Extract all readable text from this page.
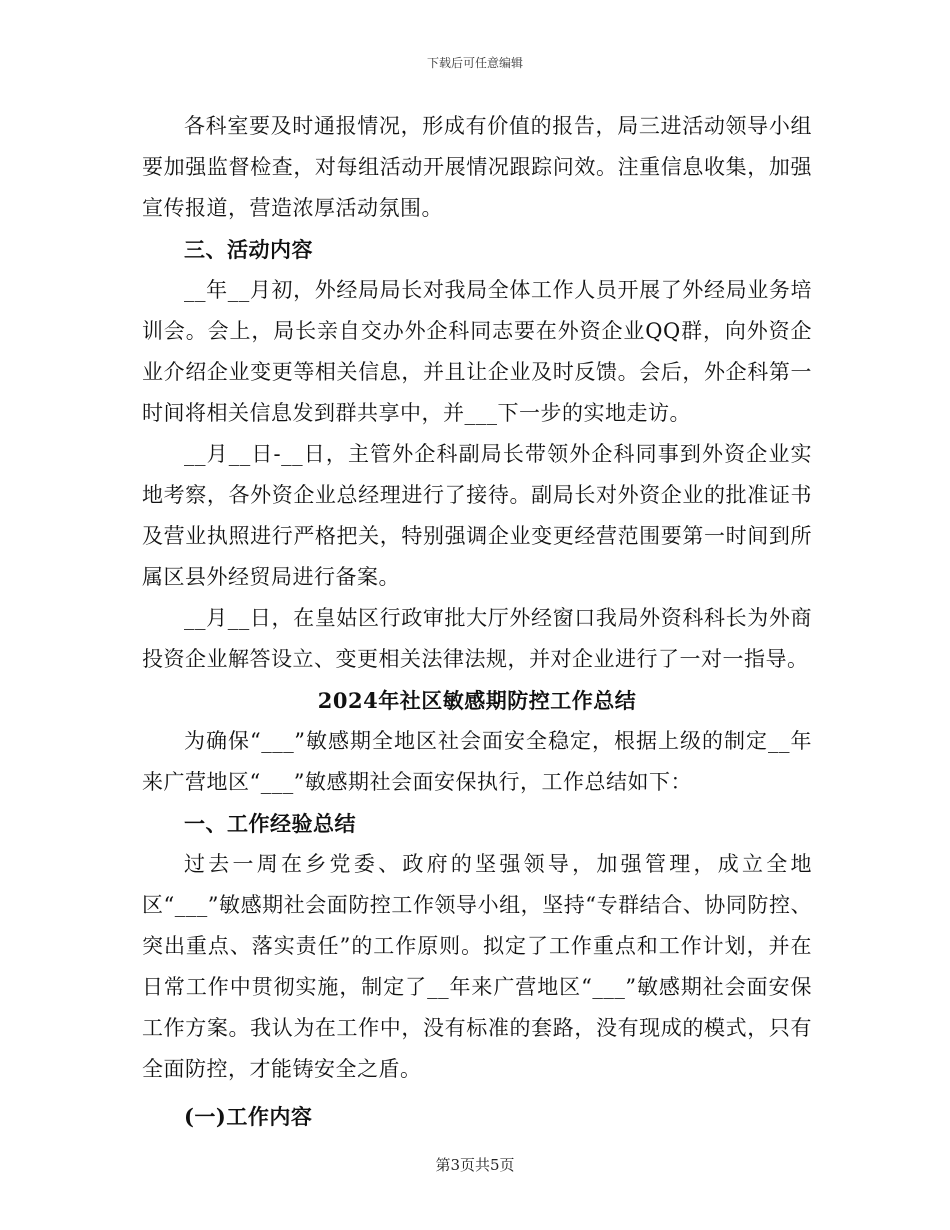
下载后可任意编辑

各科室要及时通报情况，形成有价值的报告，局三进活动领导小组要加强监督检查，对每组活动开展情况跟踪问效。注重信息收集，加强宣传报道，营造浓厚活动氛围。

三、活动内容

__年__月初，外经局局长对我局全体工作人员开展了外经局业务培训会。会上，局长亲自交办外企科同志要在外资企业QQ群，向外资企业介绍企业变更等相关信息，并且让企业及时反馈。会后，外企科第一时间将相关信息发到群共享中，并___下一步的实地走访。

__月__日-__日，主管外企科副局长带领外企科同事到外资企业实地考察，各外资企业总经理进行了接待。副局长对外资企业的批准证书及营业执照进行严格把关，特别强调企业变更经营范围要第一时间到所属区县外经贸局进行备案。

__月__日，在皇姑区行政审批大厅外经窗口我局外资科科长为外商投资企业解答设立、变更相关法律法规，并对企业进行了一对一指导。

2024年社区敏感期防控工作总结

为确保“___”敏感期全地区社会面安全稳定，根据上级的制定__年来广营地区“___”敏感期社会面安保执行，工作总结如下：

一、工作经验总结

过去一周在乡党委、政府的坚强领导，加强管理，成立全地区“___”敏感期社会面防控工作领导小组，坚持“专群结合、协同防控、突出重点、落实责任”的工作原则。拟定了工作重点和工作计划，并在日常工作中贯彻实施，制定了__年来广营地区“___”敏感期社会面安保工作方案。我认为在工作中，没有标准的套路，没有现成的模式，只有全面防控，才能铸安全之盾。

(一)工作内容

第3页共5页
